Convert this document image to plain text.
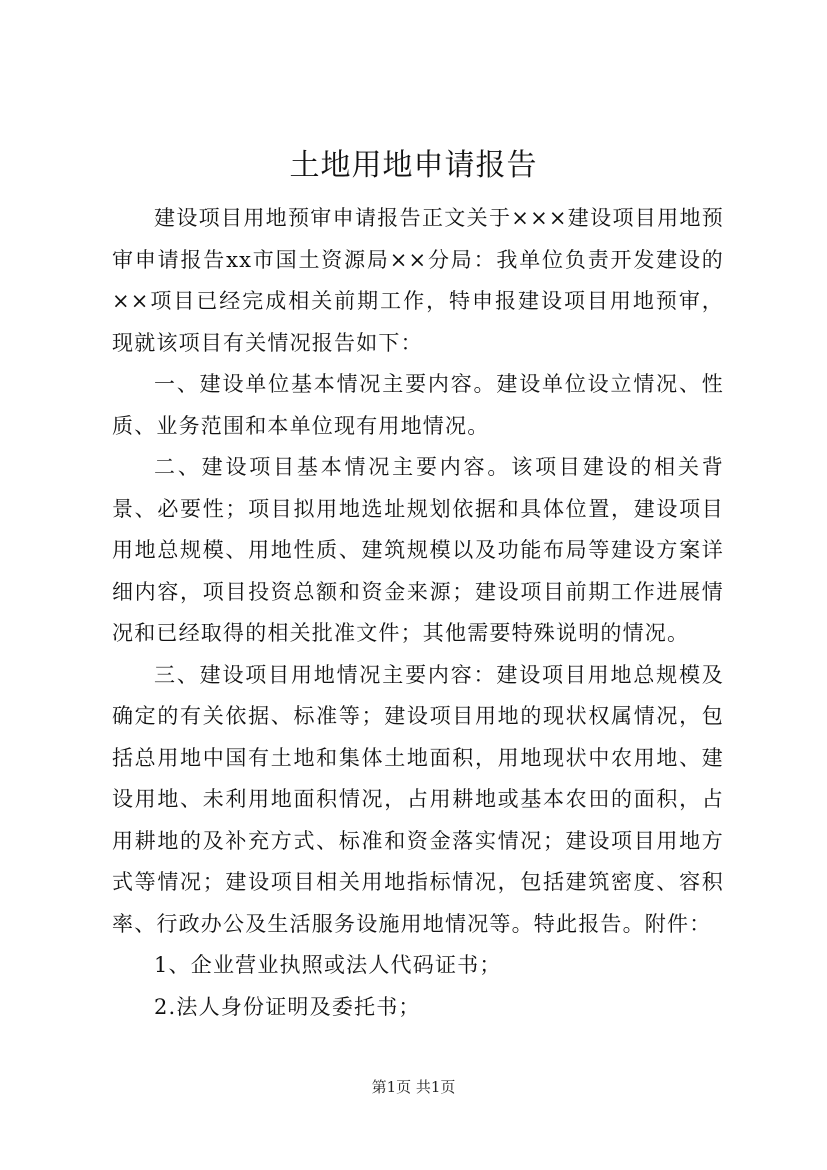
土地用地申请报告

建设项目用地预审申请报告正文关于×××建设项目用地预审申请报告xx市国土资源局××分局：我单位负责开发建设的××项目已经完成相关前期工作，特申报建设项目用地预审，现就该项目有关情况报告如下：

一、建设单位基本情况主要内容。建设单位设立情况、性质、业务范围和本单位现有用地情况。

二、建设项目基本情况主要内容。该项目建设的相关背景、必要性；项目拟用地选址规划依据和具体位置，建设项目用地总规模、用地性质、建筑规模以及功能布局等建设方案详细内容，项目投资总额和资金来源；建设项目前期工作进展情况和已经取得的相关批准文件；其他需要特殊说明的情况。

三、建设项目用地情况主要内容：建设项目用地总规模及确定的有关依据、标准等；建设项目用地的现状权属情况，包括总用地中国有土地和集体土地面积，用地现状中农用地、建设用地、未利用地面积情况，占用耕地或基本农田的面积，占用耕地的及补充方式、标准和资金落实情况；建设项目用地方式等情况；建设项目相关用地指标情况，包括建筑密度、容积率、行政办公及生活服务设施用地情况等。特此报告。附件：

1、企业营业执照或法人代码证书；

2.法人身份证明及委托书；

第1页 共1页
